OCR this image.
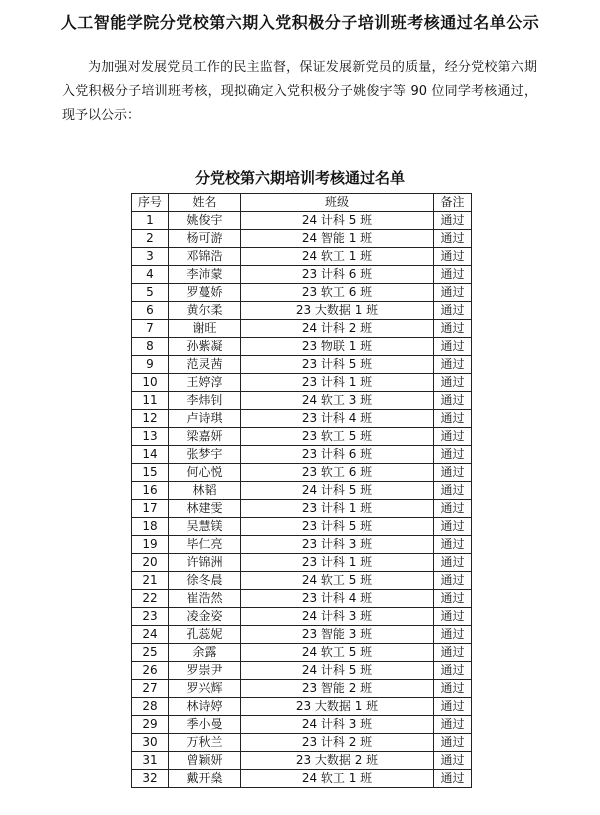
人工智能学院分党校第六期入党积极分子培训班考核通过名单公示

为加强对发展党员工作的民主监督，保证发展新党员的质量，经分党校第六期入党积极分子培训班考核，现拟确定入党积极分子姚俊宇等 90 位同学考核通过，现予以公示：

分党校第六期培训考核通过名单
序号	姓名	班级	备注
1	姚俊宇	24 计科 5 班	通过
2	杨可游	24 智能 1 班	通过
3	邓锦浩	24 软工 1 班	通过
4	李沛蒙	23 计科 6 班	通过
5	罗蔓娇	23 软工 6 班	通过
6	黄尔柔	23 大数据 1 班	通过
7	谢旺	24 计科 2 班	通过
8	孙紫凝	23 物联 1 班	通过
9	范灵茜	23 计科 5 班	通过
10	王婷淳	23 计科 1 班	通过
11	李炜钊	24 软工 3 班	通过
12	卢诗琪	23 计科 4 班	通过
13	梁嘉妍	23 软工 5 班	通过
14	张梦宇	23 计科 6 班	通过
15	何心悦	23 软工 6 班	通过
16	林韬	24 计科 5 班	通过
17	林建雯	23 计科 1 班	通过
18	吴慧镁	23 计科 5 班	通过
19	毕仁亮	23 计科 3 班	通过
20	许锦洲	23 计科 1 班	通过
21	徐冬晨	24 软工 5 班	通过
22	崔浩然	23 计科 4 班	通过
23	凌金姿	24 计科 3 班	通过
24	孔蕊妮	23 智能 3 班	通过
25	余露	24 软工 5 班	通过
26	罗崇尹	24 计科 5 班	通过
27	罗兴辉	23 智能 2 班	通过
28	林诗婷	23 大数据 1 班	通过
29	季小曼	24 计科 3 班	通过
30	万秋兰	23 计科 2 班	通过
31	曾颖妍	23 大数据 2 班	通过
32	戴开燊	24 软工 1 班	通过
